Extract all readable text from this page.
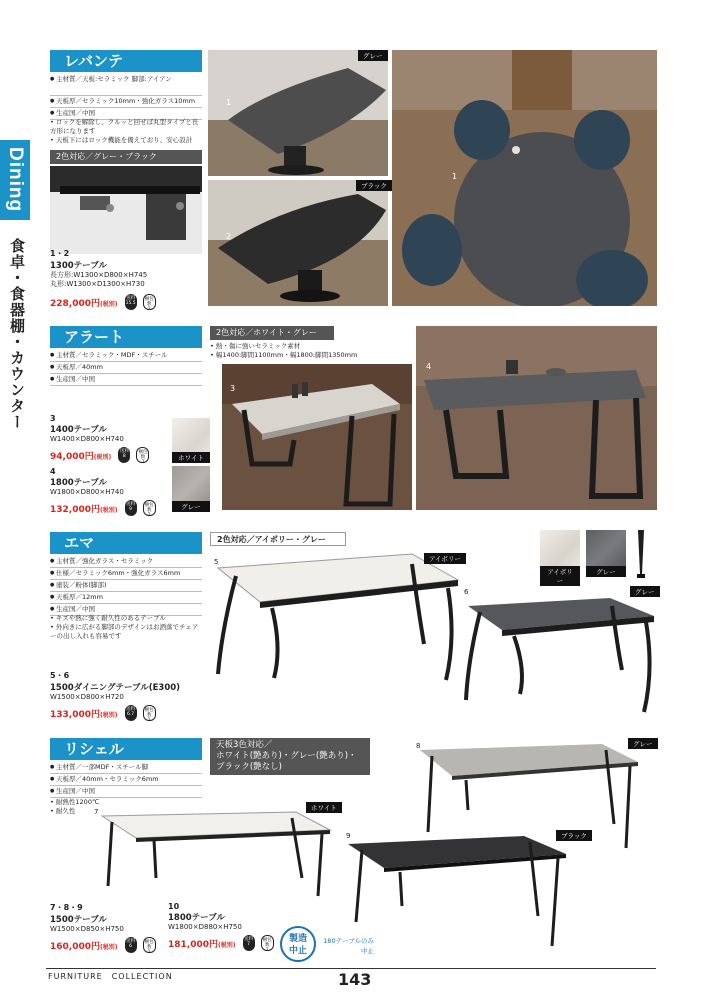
Dining
食卓・食器棚・カウンター
レバンテ
● 主材質／天板:セラミック 脚部:アイアン
● 天板厚／セラミック10mm・強化ガラス10mm
● 生産国／中国
• ロックを解除し、クルッと回せば丸型タイプと長方形になります
• 天板下にはロック機能を備えており、安心設計
2色対応／グレー・ブラック
1・2
1300テーブル
長方形:W1300×D800×H745
丸形:W1300×D1300×H730
228,000円(税別) 送料
15.5 梱包数
2
グレー
1
ブラック
2
1
アラート
● 主材質／セラミック・MDF・スチール
● 天板厚／40mm
● 生産国／中国
2色対応／ホワイト・グレー
• 熱・傷に強いセラミック素材
• 幅1400:脚間1100mm・幅1800:脚間1350mm
3
1400テーブル
W1400×D800×H740
94,000円(税別) 送料
8 梱包数
2
4
1800テーブル
W1800×D800×H740
132,000円(税別) 送料
9 梱包数
2
ホワイト
グレー
3
4
エマ
● 主材質／強化ガラス・セラミック
● 仕様／セラミック6mm・強化ガラス6mm
● 塗装／粉体(脚部)
● 天板厚／12mm
● 生産国／中国
• キズや熱に強く耐久性のあるテーブル
• 外向きに広がる脚部のデザインはお洒落でチェアーの出し入れも容易です
5・6
1500ダイニングテーブル(E300)
W1500×D800×H720
133,000円(税別) 送料
6.7 梱包数
2
2色対応／アイボリー・グレー
アイボリー
5
アイボリー
グレー
グレー
6
リシェル
● 主材質／一部MDF・スチール脚
● 天板厚／40mm・セラミック6mm
● 生産国／中国
• 耐熱性1200℃
• 耐久性
天板3色対応／
ホワイト(艶あり)・グレー(艶あり)・
ブラック(艶なし)
ホワイト
7
グレー
8
ブラック
9
7・8・9
1500テーブル
W1500×D850×H750
160,000円(税別) 送料
6 梱包数
2
10
1800テーブル
W1800×D880×H750
181,000円(税別) 送料
7 梱包数
2
製造
中止
180テーブルのみ
中止
FURNITURE　COLLECTION	143
